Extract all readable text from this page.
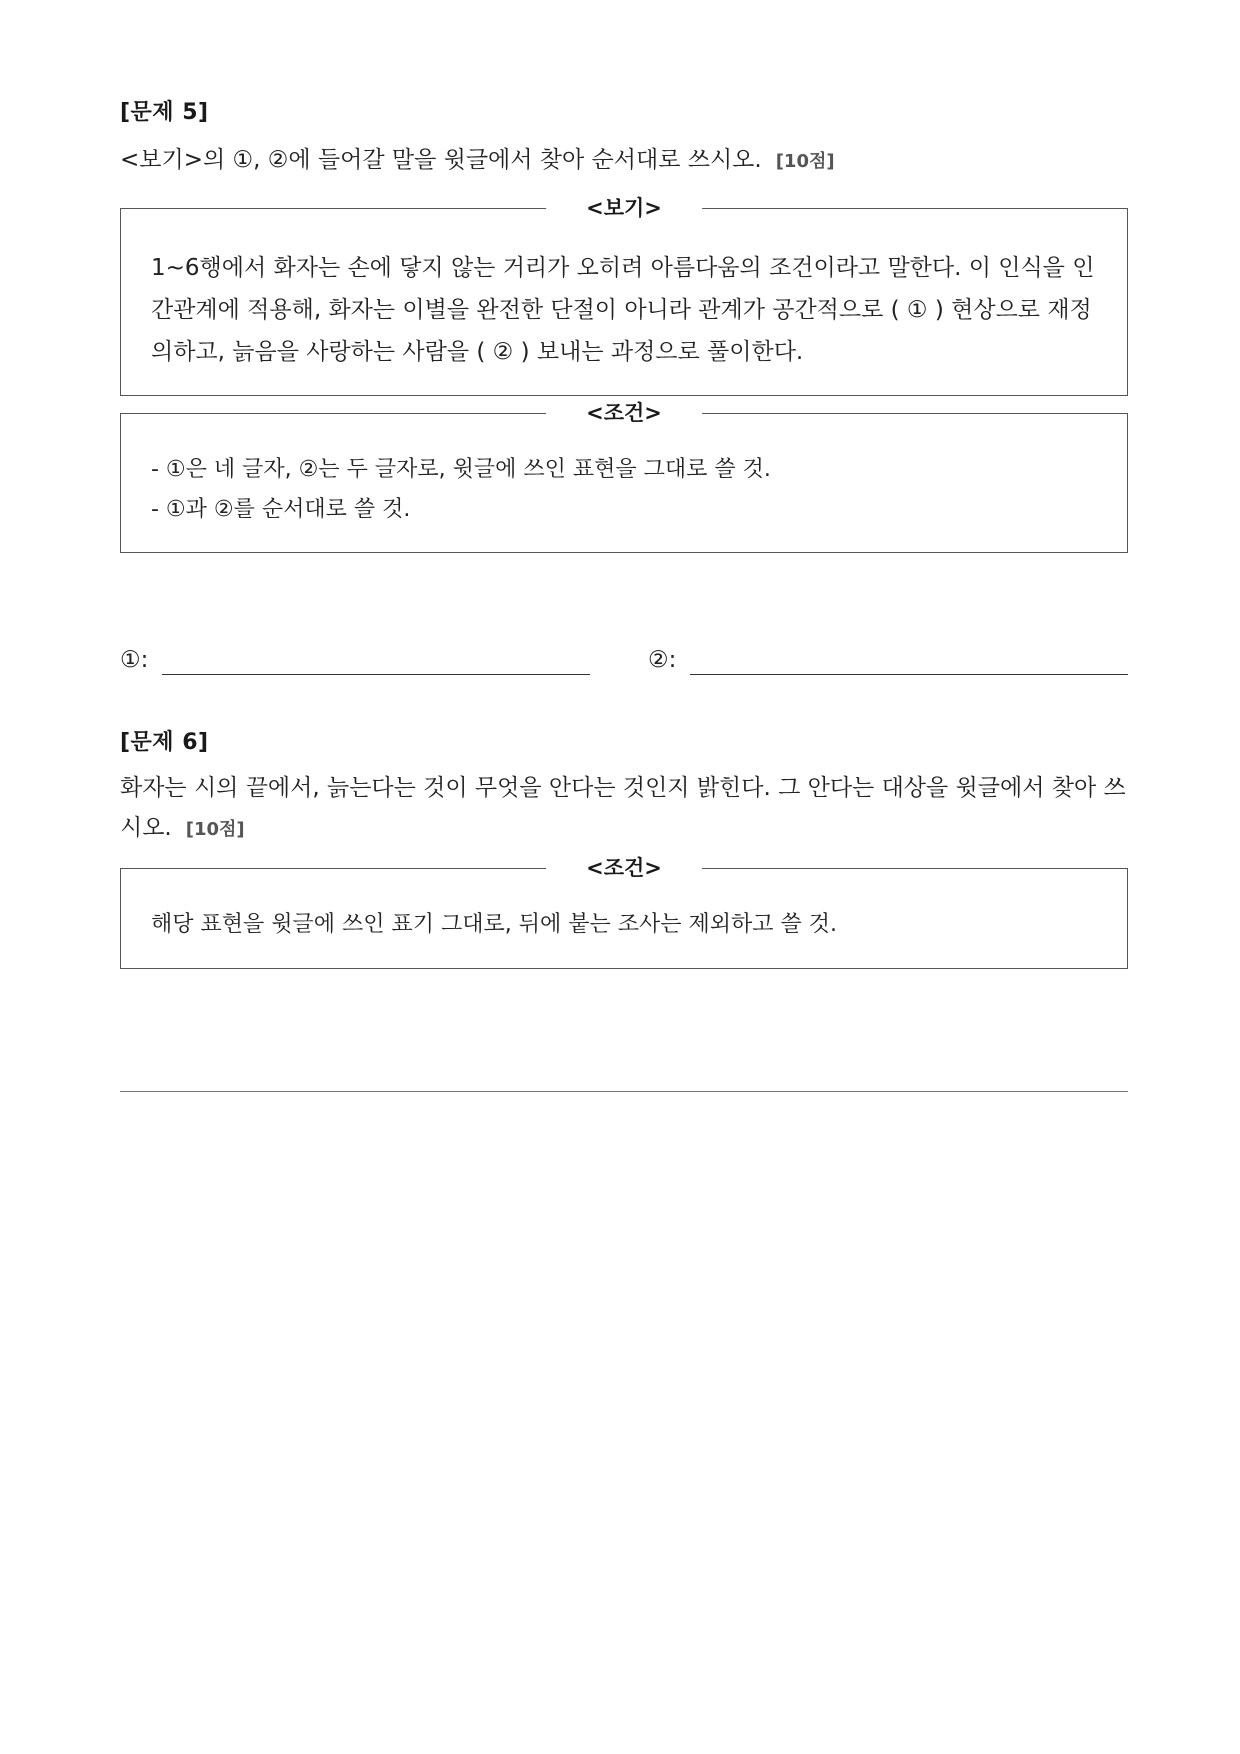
[문제 5]
<보기>의 ①, ②에 들어갈 말을 윗글에서 찾아 순서대로 쓰시오. [10점]
<보기>
1~6행에서 화자는 손에 닿지 않는 거리가 오히려 아름다움의 조건이라고 말한다. 이 인식을 인간관계에 적용해, 화자는 이별을 완전한 단절이 아니라 관계가 공간적으로 ( ① ) 현상으로 재정의하고, 늙음을 사랑하는 사람을 ( ② ) 보내는 과정으로 풀이한다.
<조건>
- ①은 네 글자, ②는 두 글자로, 윗글에 쓰인 표현을 그대로 쓸 것.
- ①과 ②를 순서대로 쓸 것.
①:	②:
[문제 6]
화자는 시의 끝에서, 늙는다는 것이 무엇을 안다는 것인지 밝힌다. 그 안다는 대상을 윗글에서 찾아 쓰시오. [10점]
<조건>
해당 표현을 윗글에 쓰인 표기 그대로, 뒤에 붙는 조사는 제외하고 쓸 것.
